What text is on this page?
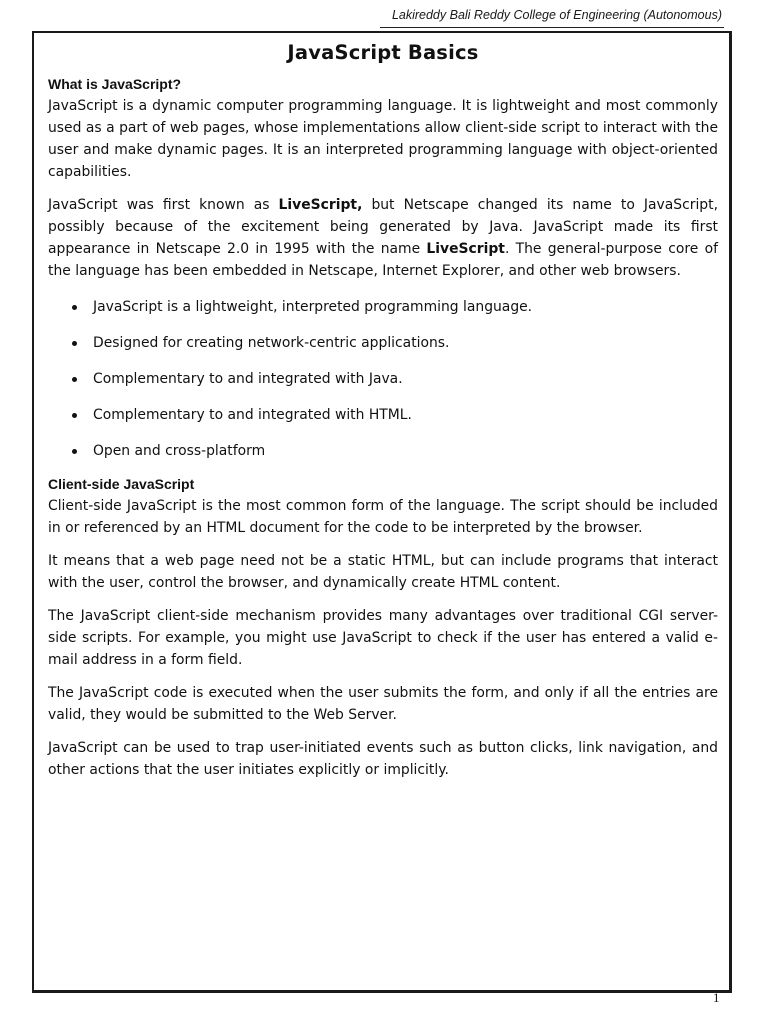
Lakireddy Bali Reddy College of Engineering (Autonomous)
JavaScript Basics
What is JavaScript?

JavaScript is a dynamic computer programming language. It is lightweight and most commonly used as a part of web pages, whose implementations allow client-side script to interact with the user and make dynamic pages. It is an interpreted programming language with object-oriented capabilities.

JavaScript was first known as LiveScript, but Netscape changed its name to JavaScript, possibly because of the excitement being generated by Java. JavaScript made its first appearance in Netscape 2.0 in 1995 with the name LiveScript. The general-purpose core of the language has been embedded in Netscape, Internet Explorer, and other web browsers.

JavaScript is a lightweight, interpreted programming language.
Designed for creating network-centric applications.
Complementary to and integrated with Java.
Complementary to and integrated with HTML.
Open and cross-platform
Client-side JavaScript

Client-side JavaScript is the most common form of the language. The script should be included in or referenced by an HTML document for the code to be interpreted by the browser.

It means that a web page need not be a static HTML, but can include programs that interact with the user, control the browser, and dynamically create HTML content.

The JavaScript client-side mechanism provides many advantages over traditional CGI server-side scripts. For example, you might use JavaScript to check if the user has entered a valid e-mail address in a form field.

The JavaScript code is executed when the user submits the form, and only if all the entries are valid, they would be submitted to the Web Server.

JavaScript can be used to trap user-initiated events such as button clicks, link navigation, and other actions that the user initiates explicitly or implicitly.

1
